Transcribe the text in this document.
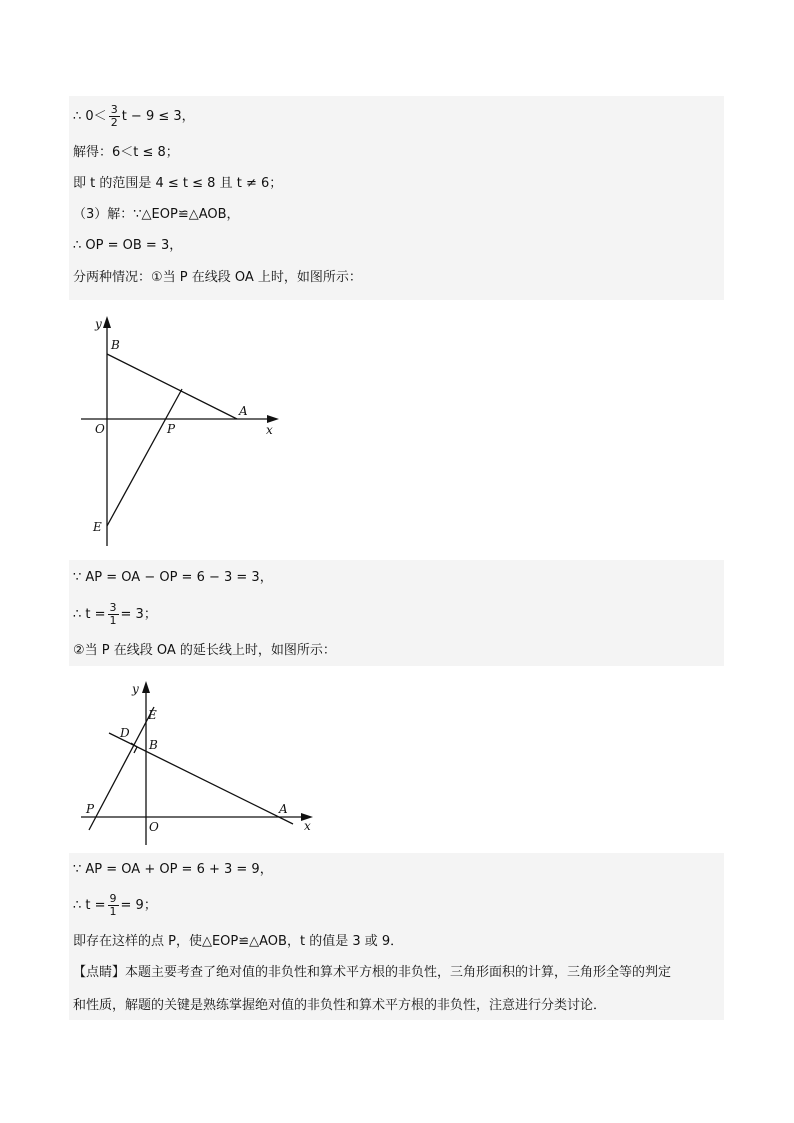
∴ $0< \frac{3}{2}$ t − 9 ≤ 3，
解得：6＜t ≤ 8；
即 t 的范围是 4 ≤ t ≤ 8 且 t ≠ 6；
（3）解：∵△EOP≌△AOB，
∴ OP = OB = 3，
分两种情况：①当 P 在线段 OA 上时，如图所示：
y
x
B
A
O	P
E
∵ AP = OA − OP = 6 − 3 = 3，
∴ $t = \frac{3}{1} = 3$；
②当 P 在线段 OA 的延长线上时，如图所示：
y
x
E
D
B
P
O
A
∵ AP = OA + OP = 6 + 3 = 9，
∴ $t = \frac{9}{1} = 9$；
即存在这样的点 P，使△EOP≌△AOB，t 的值是 3 或 9．
【点睛】本题主要考查了绝对值的非负性和算术平方根的非负性，三角形面积的计算，三角形全等的判定
和性质，解题的关键是熟练掌握绝对值的非负性和算术平方根的非负性，注意进行分类讨论．
